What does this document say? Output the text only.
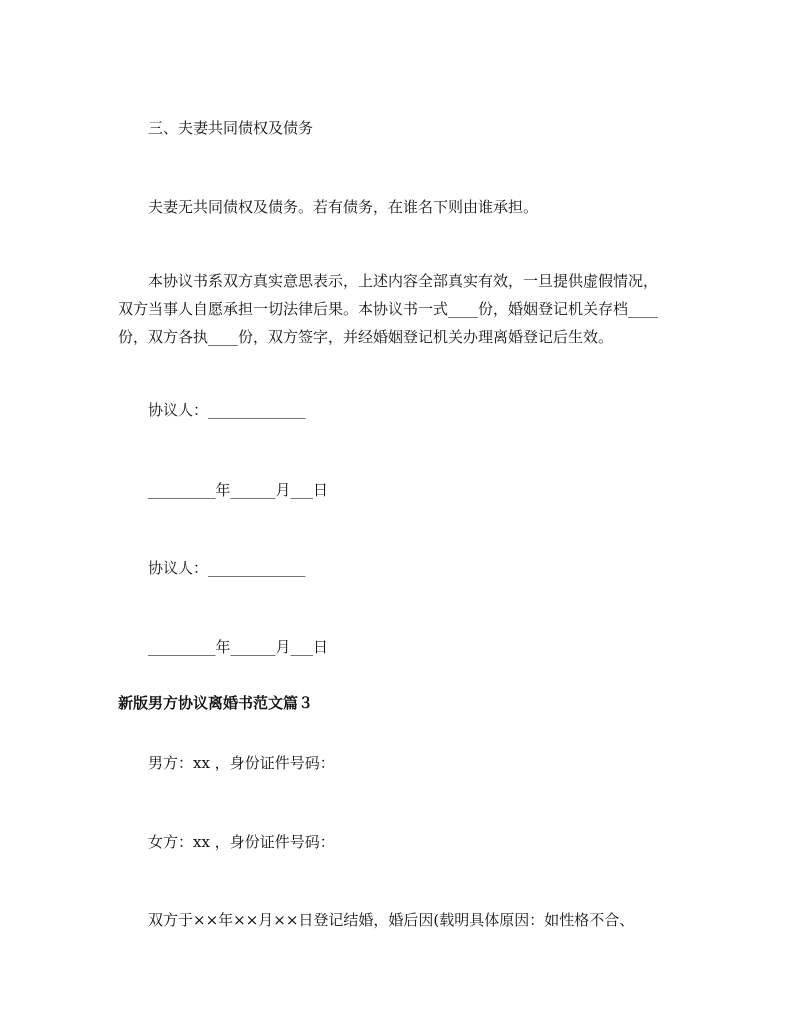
三、夫妻共同债权及债务
夫妻无共同债权及债务。若有债务，在谁名下则由谁承担。
本协议书系双方真实意思表示，上述内容全部真实有效，一旦提供虚假情况，
双方当事人自愿承担一切法律后果。本协议书一式____份，婚姻登记机关存档____
份，双方各执____份，双方签字，并经婚姻登记机关办理离婚登记后生效。
协议人：_____________
_________年______月___日
协议人：_____________
_________年______月___日
新版男方协议离婚书范文篇３
男方：xx ，身份证件号码：
女方：xx ，身份证件号码：
双方于××年××月××日登记结婚，婚后因(载明具体原因：如性格不合、
